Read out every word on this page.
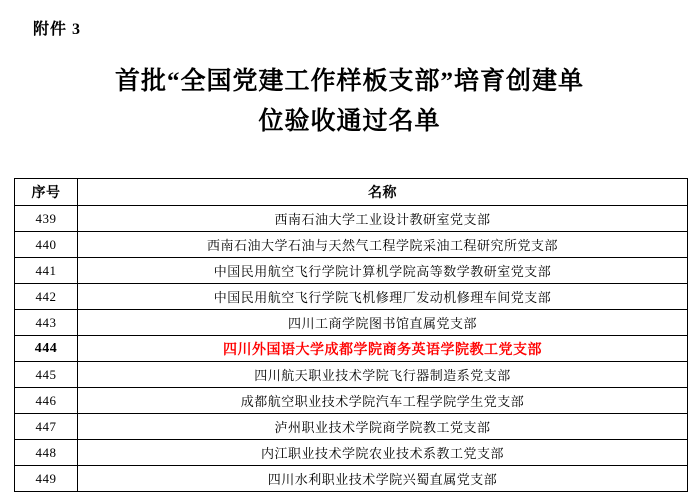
附件 3
首批“全国党建工作样板支部”培育创建单
位验收通过名单
序号	名称
439	西南石油大学工业设计教研室党支部
440	西南石油大学石油与天然气工程学院采油工程研究所党支部
441	中国民用航空飞行学院计算机学院高等数学教研室党支部
442	中国民用航空飞行学院飞机修理厂发动机修理车间党支部
443	四川工商学院图书馆直属党支部
444	四川外国语大学成都学院商务英语学院教工党支部
445	四川航天职业技术学院飞行器制造系党支部
446	成都航空职业技术学院汽车工程学院学生党支部
447	泸州职业技术学院商学院教工党支部
448	内江职业技术学院农业技术系教工党支部
449	四川水利职业技术学院兴蜀直属党支部
